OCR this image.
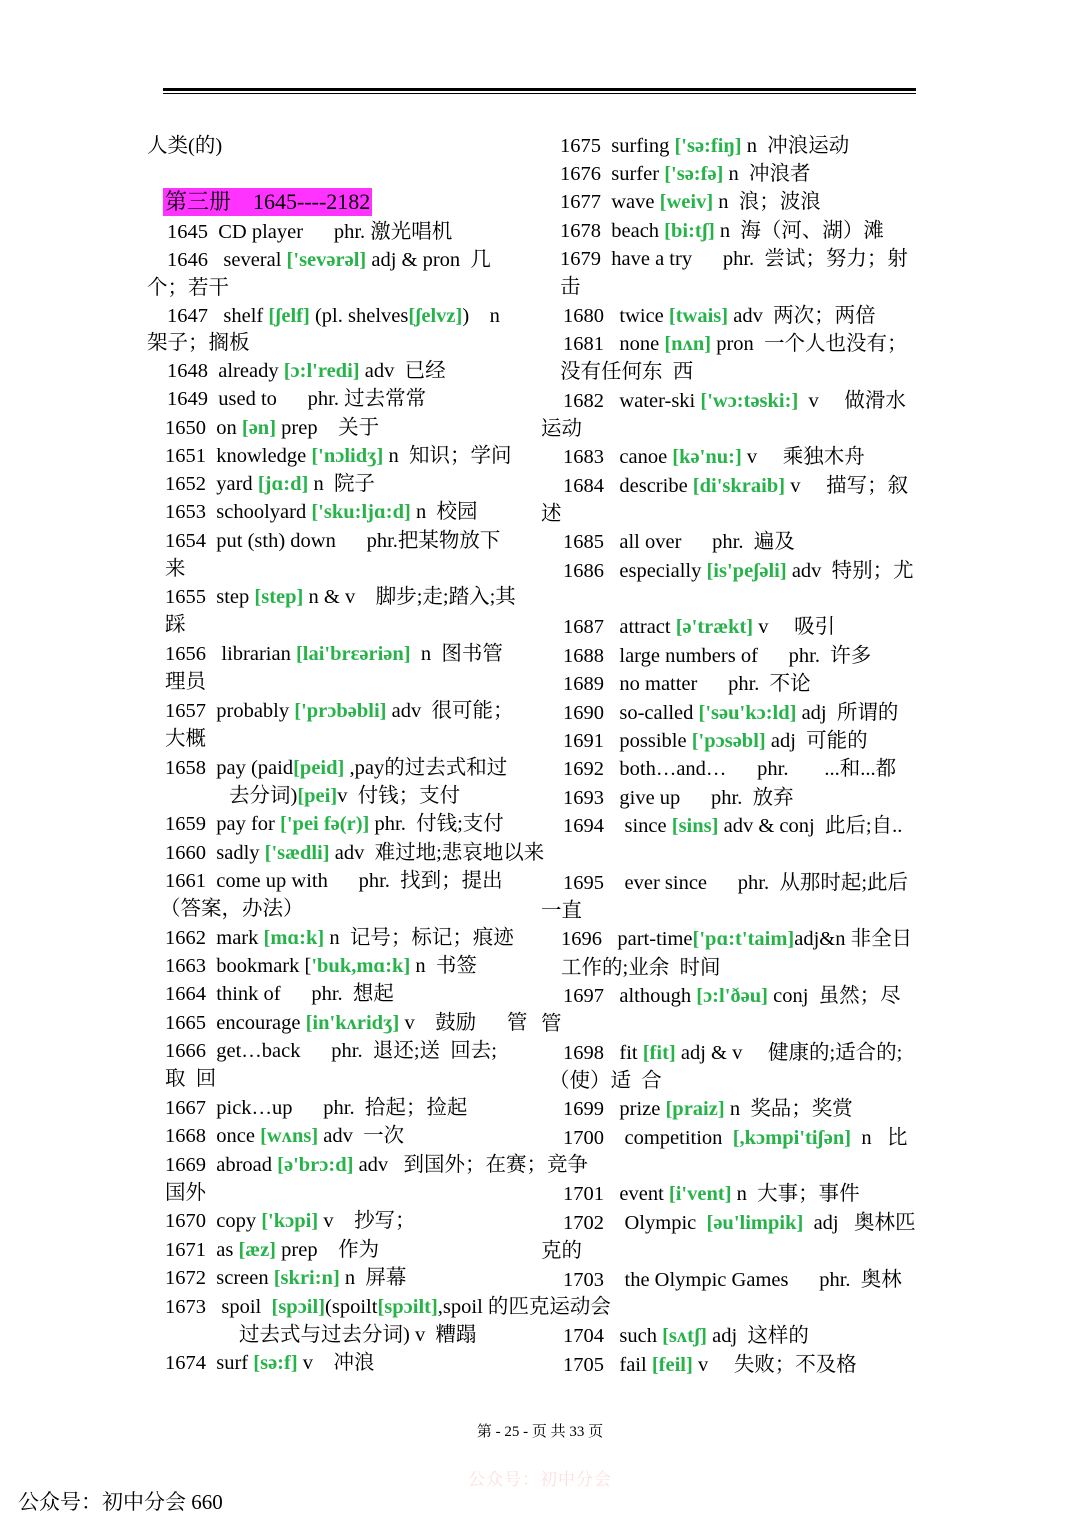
人类(的)
第三册　1645----2182
1645  CD player      phr. 激光唱机
1646   several ['sevərəl] adj & pron  几
个；若干
1647   shelf [ʃelf] (pl. shelves[ʃelvz])    n
架子；搁板
1648  already [ɔ:l'redi] adv  已经
1649  used to      phr. 过去常常
1650  on [ən] prep    关于
1651  knowledge ['nɔlidʒ] n  知识；学问
1652  yard [jɑ:d] n  院子
1653  schoolyard ['sku:ljɑ:d] n  校园
1654  put (sth) down      phr.把某物放下
来
1655  step [step] n & v    脚步;走;踏入;其
踩
1656   librarian [lai'brɛəriən]  n  图书管
理员
1657  probably ['prɔbəbli] adv  很可能；
大概
1658  pay (paid[peid] ,pay的过去式和过
去分词)[pei]v  付钱；支付
1659  pay for ['pei fə(r)] phr.  付钱;支付
1660  sadly ['sædli] adv  难过地;悲哀地以来
1661  come up with      phr.  找到；提出
（答案，办法）
1662  mark [mɑ:k] n  记号；标记；痕迹
1663  bookmark ['buk,mɑ:k] n  书签
1664  think of      phr.  想起
1665  encourage [in'kʌridʒ] v    鼓励      管
1666  get…back      phr.  退还;送  回去;
取  回
1667  pick…up      phr.  拾起；捡起
1668  once [wʌns] adv  一次
1669  abroad [ə'brɔ:d] adv   到国外；在赛；竞争
国外
1670  copy ['kɔpi] v    抄写；
1671  as [æz] prep    作为
1672  screen [skri:n] n  屏幕
1673   spoil  [spɔil](spoilt[spɔilt],spoil 的匹克运动会
过去式与过去分词) v  糟蹋
1674  surf [sə:f] v    冲浪
1675  surfing ['sə:fiŋ] n  冲浪运动
1676  surfer ['sə:fə] n  冲浪者
1677  wave [weiv] n  浪；波浪
1678  beach [bi:tʃ] n  海（河、湖）滩
1679  have a try      phr.  尝试；努力；射
击
1680   twice [twais] adv  两次；两倍
1681   none [nʌn] pron  一个人也没有；
没有任何东  西
1682   water-ski ['wɔ:təski:]  v     做滑水
运动
1683   canoe [kə'nu:] v     乘独木舟
1684   describe [di'skraib] v     描写；叙
述
1685   all over      phr.  遍及
1686   especially [is'peʃəli] adv  特别；尤
1687   attract [ə'trækt] v     吸引
1688   large numbers of      phr.  许多
1689   no matter      phr.  不论
1690   so-called ['səu'kɔ:ld] adj  所谓的
1691   possible ['pɔsəbl] adj  可能的
1692   both…and…      phr.       ...和...都
1693   give up      phr.  放弃
1694    since [sins] adv & conj  此后;自..
1695    ever since      phr.  从那时起;此后
一直
1696   part-time['pɑ:t'taim]adj&n 非全日
工作的;业余  时间
1697   although [ɔ:l'ðəu] conj  虽然；尽
管
1698   fit [fit] adj & v     健康的;适合的;
（使）适  合
1699   prize [praiz] n  奖品；奖赏
1700    competition  [,kɔmpi'tiʃən]  n   比
1701   event [i'vent] n  大事；事件
1702    Olympic  [əu'limpik]  adj   奥林匹
克的
1703    the Olympic Games      phr.  奥林
1704   such [sʌtʃ] adj  这样的
1705   fail [feil] v     失败；不及格
第 - 25 - 页 共 33 页
公众号：初中分会
公众号：初中分会 660
